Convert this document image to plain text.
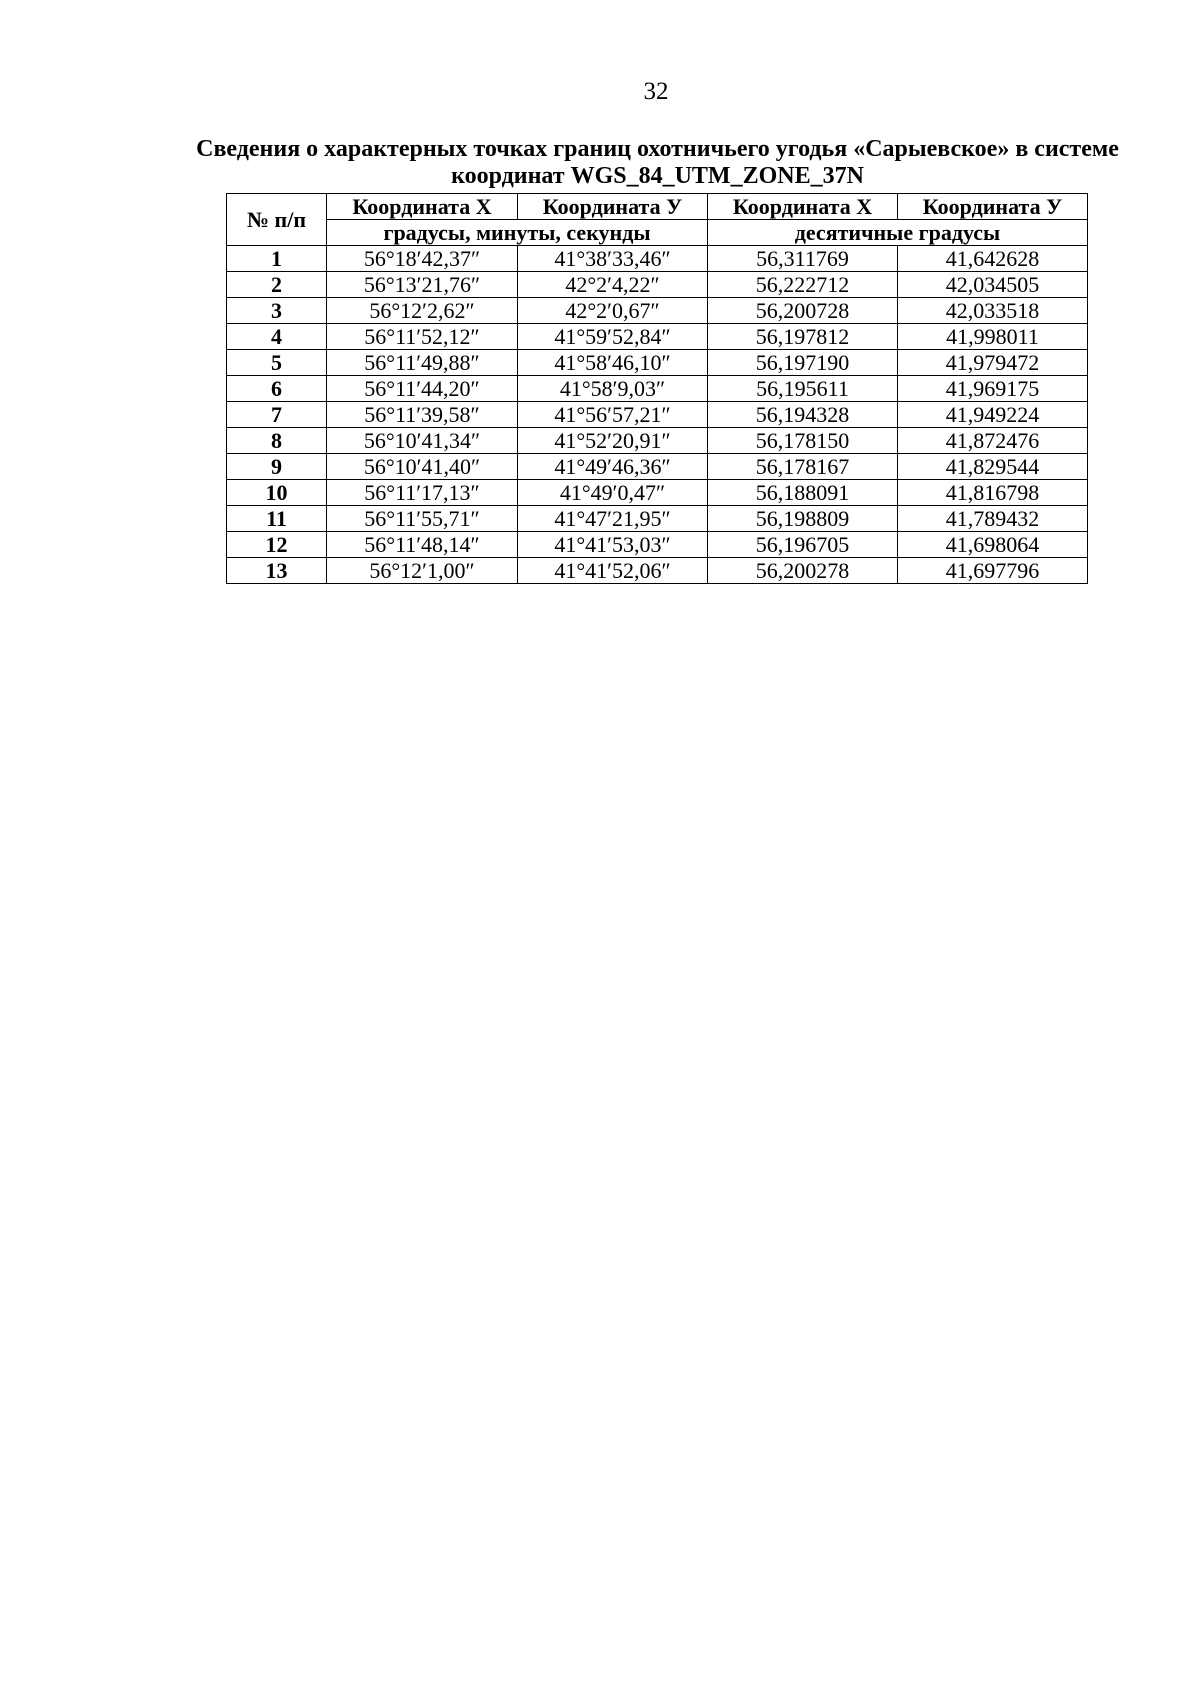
32
Сведения о характерных точках границ охотничьего угодья «Сарыевское» в системе координат WGS_84_UTM_ZONE_37N
№ п/п	Координата X	Координата У	Координата X	Координата У
	градусы, минуты, секунды		десятичные градусы	
1	56°18′42,37″	41°38′33,46″	56,311769	41,642628
2	56°13′21,76″	42°2′4,22″	56,222712	42,034505
3	56°12′2,62″	42°2′0,67″	56,200728	42,033518
4	56°11′52,12″	41°59′52,84″	56,197812	41,998011
5	56°11′49,88″	41°58′46,10″	56,197190	41,979472
6	56°11′44,20″	41°58′9,03″	56,195611	41,969175
7	56°11′39,58″	41°56′57,21″	56,194328	41,949224
8	56°10′41,34″	41°52′20,91″	56,178150	41,872476
9	56°10′41,40″	41°49′46,36″	56,178167	41,829544
10	56°11′17,13″	41°49′0,47″	56,188091	41,816798
11	56°11′55,71″	41°47′21,95″	56,198809	41,789432
12	56°11′48,14″	41°41′53,03″	56,196705	41,698064
13	56°12′1,00″	41°41′52,06″	56,200278	41,697796
